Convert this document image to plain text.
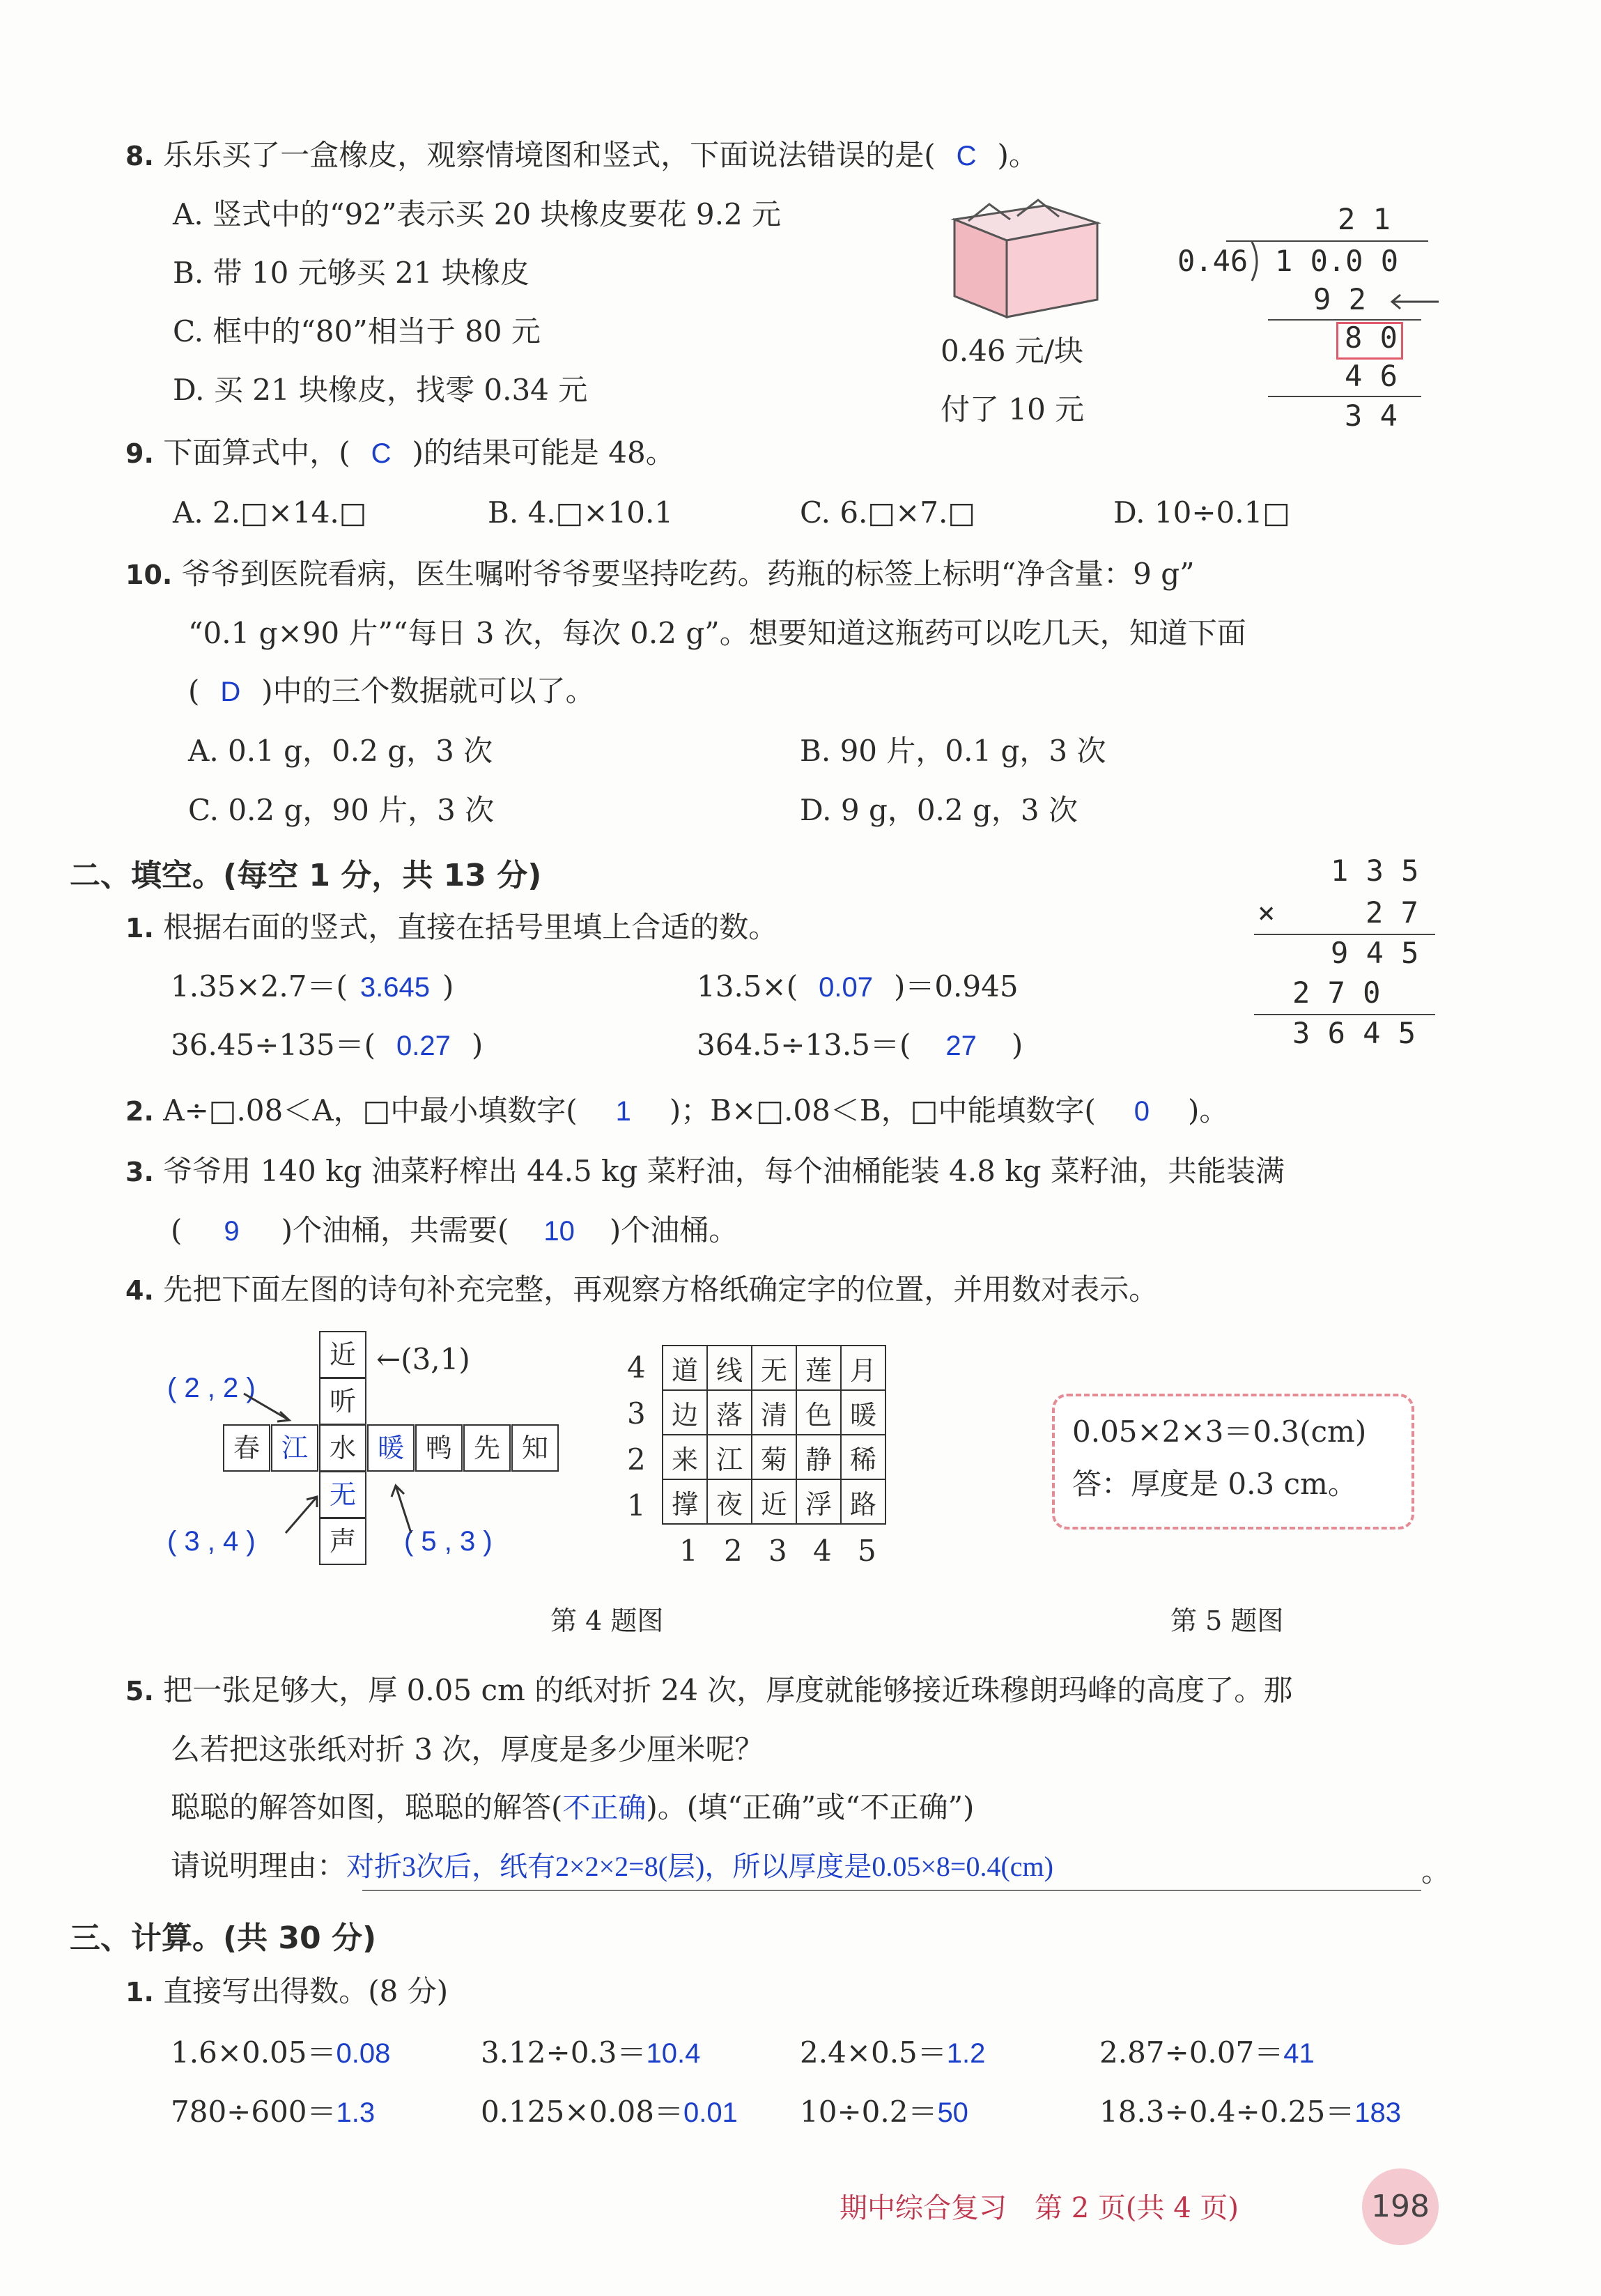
8. 乐乐买了一盒橡皮，观察情境图和竖式，下面说法错误的是( C )。
A. 竖式中的“92”表示买 20 块橡皮要花 9.2 元
B. 带 10 元够买 21 块橡皮
C. 框中的“80”相当于 80 元
D. 买 21 块橡皮，找零 0.34 元
0.46 元/块
付了 10 元
2 1
0.46 1 0.0 0
9 2
8 0
4 6
3 4
9. 下面算式中，( C )的结果可能是 48。
A. 2.□×14.□	B. 4.□×10.1	C. 6.□×7.□	D. 10÷0.1□
10. 爷爷到医院看病，医生嘱咐爷爷要坚持吃药。药瓶的标签上标明“净含量：9 g”
“0.1 g×90 片”“每日 3 次，每次 0.2 g”。想要知道这瓶药可以吃几天，知道下面
( D )中的三个数据就可以了。
A. 0.1 g，0.2 g，3 次	B. 90 片，0.1 g，3 次
C. 0.2 g，90 片，3 次	D. 9 g，0.2 g，3 次
二、填空。(每空 1 分，共 13 分)	1 3 5
×	2 7
9 4 5
2 7 0
3 6 4 5
1. 根据右面的竖式，直接在括号里填上合适的数。
1.35×2.7＝( 3.645 )	13.5×( 0.07 )＝0.945
36.45÷135＝( 0.27 )	364.5÷13.5＝( 27 )
2. A÷□.08＜A，□中最小填数字( 1 )；B×□.08＜B，□中能填数字( 0 )。
3. 爷爷用 140 kg 油菜籽榨出 44.5 kg 菜籽油，每个油桶能装 4.8 kg 菜籽油，共能装满
( 9 )个油桶，共需要( 10 )个油桶。
4. 先把下面左图的诗句补充完整，再观察方格纸确定字的位置，并用数对表示。
近
听
春 江 水 暖 鸭 先 知
无
声
←(3,1)
( 2 , 2 )
( 3 , 4 )	( 5 , 3 )
4
3
2
1
道	线	无	莲	月
边	落	清	色	暖
来	江	菊	静	稀
撑	夜	近	浮	路
1 2 3 4 5
第 4 题图
0.05×2×3＝0.3(cm)
答：厚度是 0.3 cm。
第 5 题图
5. 把一张足够大，厚 0.05 cm 的纸对折 24 次，厚度就能够接近珠穆朗玛峰的高度了。那
么若把这张纸对折 3 次，厚度是多少厘米呢？
聪聪的解答如图，聪聪的解答(不正确)。(填“正确”或“不正确”)
请说明理由：对折3次后，纸有2×2×2=8(层)，所以厚度是0.05×8=0.4(cm)	。
三、计算。(共 30 分)
1. 直接写出得数。(8 分)
1.6×0.05＝0.08	3.12÷0.3＝10.4	2.4×0.5＝1.2	2.87÷0.07＝41
780÷600＝1.3	0.125×0.08＝0.01 10÷0.2＝50	18.3÷0.4÷0.25＝183
期中综合复习　第 2 页(共 4 页)	198
